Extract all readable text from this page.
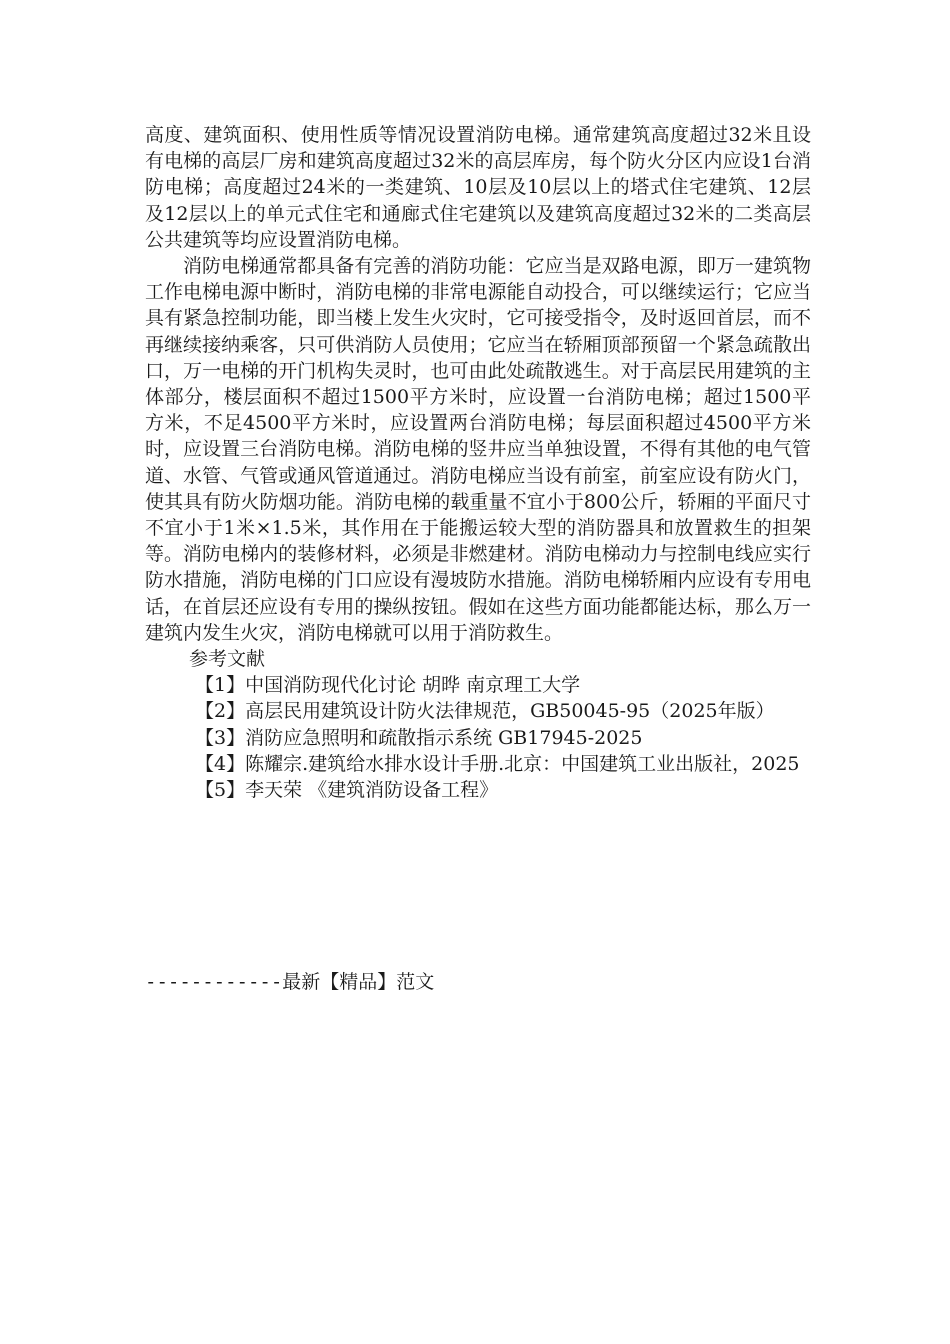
高度、建筑面积、使用性质等情况设置消防电梯。通常建筑高度超过32米且设有电梯的高层厂房和建筑高度超过32米的高层库房，每个防火分区内应设1台消防电梯；高度超过24米的一类建筑、10层及10层以上的塔式住宅建筑、12层及12层以上的单元式住宅和通廊式住宅建筑以及建筑高度超过32米的二类高层公共建筑等均应设置消防电梯。

消防电梯通常都具备有完善的消防功能：它应当是双路电源，即万一建筑物工作电梯电源中断时，消防电梯的非常电源能自动投合，可以继续运行；它应当具有紧急控制功能，即当楼上发生火灾时，它可接受指令，及时返回首层，而不再继续接纳乘客，只可供消防人员使用；它应当在轿厢顶部预留一个紧急疏散出口，万一电梯的开门机构失灵时，也可由此处疏散逃生。对于高层民用建筑的主体部分，楼层面积不超过1500平方米时，应设置一台消防电梯；超过1500平方米，不足4500平方米时，应设置两台消防电梯；每层面积超过4500平方米时，应设置三台消防电梯。消防电梯的竖井应当单独设置，不得有其他的电气管道、水管、气管或通风管道通过。消防电梯应当设有前室，前室应设有防火门，使其具有防火防烟功能。消防电梯的载重量不宜小于800公斤，轿厢的平面尺寸不宜小于1米×1.5米，其作用在于能搬运较大型的消防器具和放置救生的担架等。消防电梯内的装修材料，必须是非燃建材。消防电梯动力与控制电线应实行防水措施，消防电梯的门口应设有漫坡防水措施。消防电梯轿厢内应设有专用电话，在首层还应设有专用的操纵按钮。假如在这些方面功能都能达标，那么万一建筑内发生火灾，消防电梯就可以用于消防救生。

参考文献

【1】中国消防现代化讨论 胡晔 南京理工大学

【2】高层民用建筑设计防火法律规范，GB50045-95（2025年版）

【3】消防应急照明和疏散指示系统 GB17945-2025

【4】陈耀宗.建筑给水排水设计手册.北京：中国建筑工业出版社，2025

【5】李天荣 《建筑消防设备工程》

------------最新【精品】范文
